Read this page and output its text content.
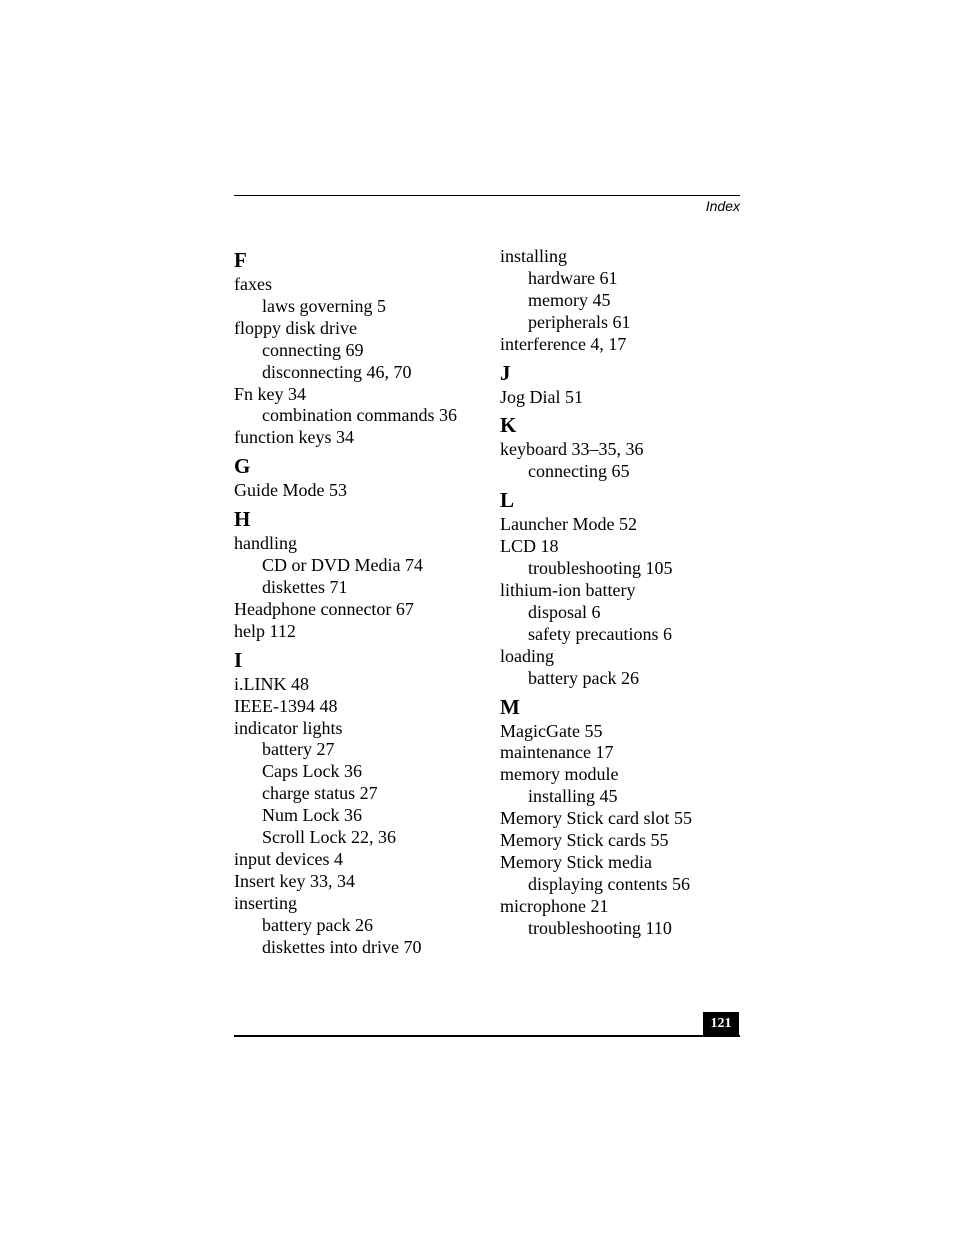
Index
F
faxes
laws governing 5
floppy disk drive
connecting 69
disconnecting 46, 70
Fn key 34
combination commands 36
function keys 34
G
Guide Mode 53
H
handling
CD or DVD Media 74
diskettes 71
Headphone connector 67
help 112
I
i.LINK 48
IEEE-1394 48
indicator lights
battery 27
Caps Lock 36
charge status 27
Num Lock 36
Scroll Lock 22, 36
input devices 4
Insert key 33, 34
inserting
battery pack 26
diskettes into drive 70
installing
hardware 61
memory 45
peripherals 61
interference 4, 17
J
Jog Dial 51
K
keyboard 33–35, 36
connecting 65
L
Launcher Mode 52
LCD 18
troubleshooting 105
lithium-ion battery
disposal 6
safety precautions 6
loading
battery pack 26
M
MagicGate 55
maintenance 17
memory module
installing 45
Memory Stick card slot 55
Memory Stick cards 55
Memory Stick media
displaying contents 56
microphone 21
troubleshooting 110
121
